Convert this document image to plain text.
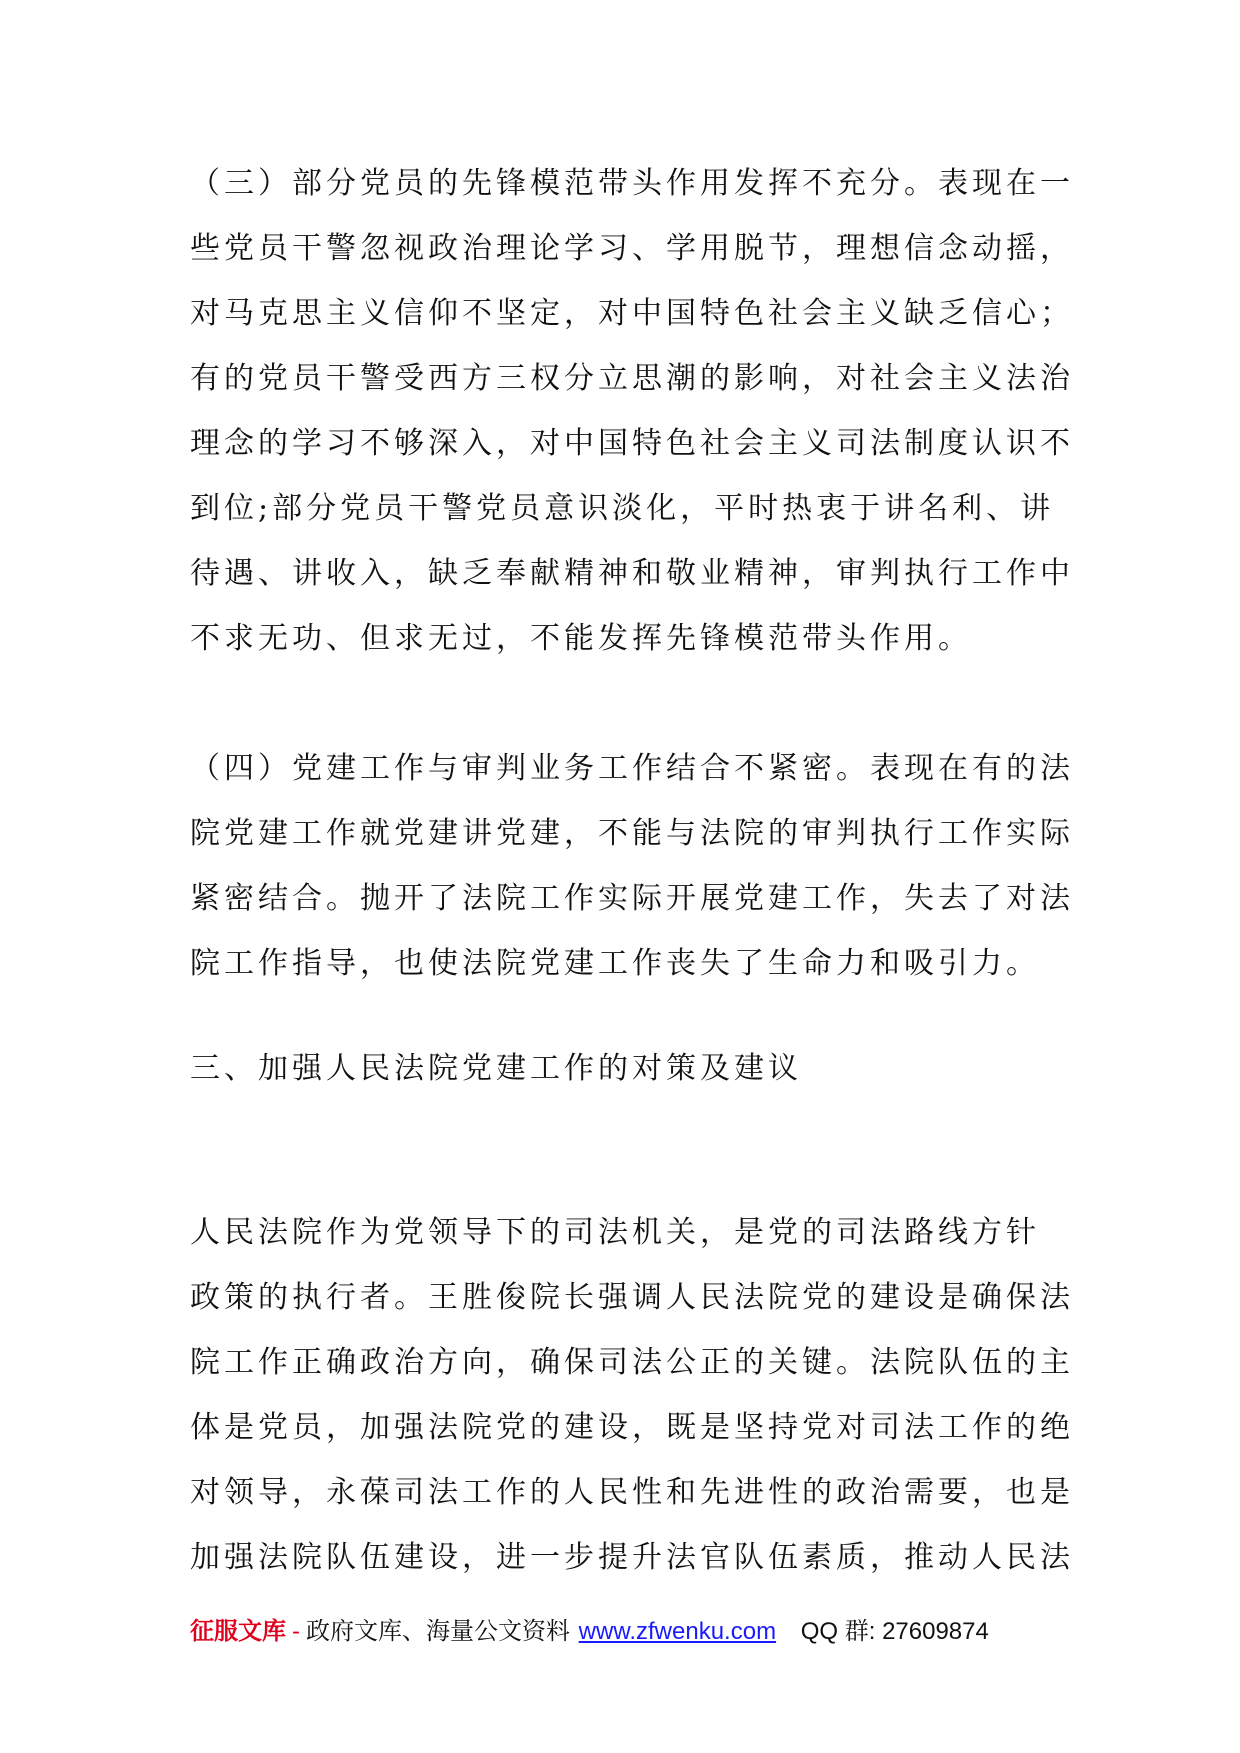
（三）部分党员的先锋模范带头作用发挥不充分。表现在一
些党员干警忽视政治理论学习、学用脱节，理想信念动摇，
对马克思主义信仰不坚定，对中国特色社会主义缺乏信心；
有的党员干警受西方三权分立思潮的影响，对社会主义法治
理念的学习不够深入，对中国特色社会主义司法制度认识不
到位;部分党员干警党员意识淡化，平时热衷于讲名利、讲
待遇、讲收入，缺乏奉献精神和敬业精神，审判执行工作中
不求无功、但求无过，不能发挥先锋模范带头作用。
（四）党建工作与审判业务工作结合不紧密。表现在有的法
院党建工作就党建讲党建，不能与法院的审判执行工作实际
紧密结合。抛开了法院工作实际开展党建工作，失去了对法
院工作指导，也使法院党建工作丧失了生命力和吸引力。
三、加强人民法院党建工作的对策及建议
人民法院作为党领导下的司法机关，是党的司法路线方针
政策的执行者。王胜俊院长强调人民法院党的建设是确保法
院工作正确政治方向，确保司法公正的关键。法院队伍的主
体是党员，加强法院党的建设，既是坚持党对司法工作的绝
对领导，永葆司法工作的人民性和先进性的政治需要，也是
加强法院队伍建设，进一步提升法官队伍素质，推动人民法
征服文库 - 政府文库、海量公文资料 www.zfwenku.com QQ 群: 27609874
